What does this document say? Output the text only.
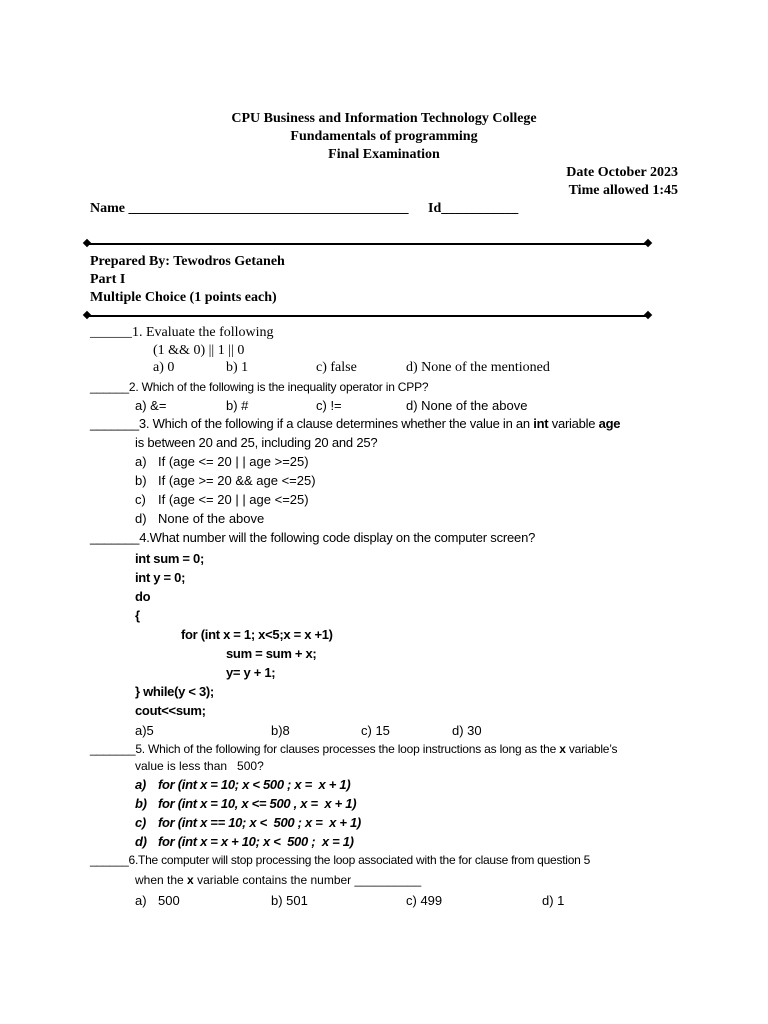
CPU Business and Information Technology College
Fundamentals of programming
Final Examination
Date October 2023
Time allowed 1:45
Name ________________________________________ Id___________
Prepared By: Tewodros Getaneh
Part I
Multiple Choice (1 points each)
______1. Evaluate the following
(1 && 0) || 1 || 0
a) 0	b) 1	c) false	d) None of the mentioned
______2. Which of the following is the inequality operator in CPP?
a) &=	b) #	c) !=	d) None of the above
_______3. Which of the following if a clause determines whether the value in an int variable age
is between 20 and 25, including 20 and 25?
a) If (age <= 20 | | age >=25)
b) If (age >= 20 && age <=25)
c) If (age <= 20 | | age <=25)
d) None of the above
_______4.What number will the following code display on the computer screen?
int sum = 0;
int y = 0;
do
{
for (int x = 1; x<5;x = x +1)
sum = sum + x;
y= y + 1;
} while(y < 3);
cout<<sum;
a)5	b)8	c) 15	d) 30
_______5. Which of the following for clauses processes the loop instructions as long as the x variable’s
value is less than   500?
a) for (int x = 10; x < 500 ; x =  x + 1)
b) for (int x = 10, x <= 500 , x =  x + 1)
c) for (int x == 10; x <  500 ; x =  x + 1)
d) for (int x = x + 10; x <  500 ;  x = 1)
______6.The computer will stop processing the loop associated with the for clause from question 5
when the x variable contains the number __________
a) 500	b) 501	c) 499	d) 1
